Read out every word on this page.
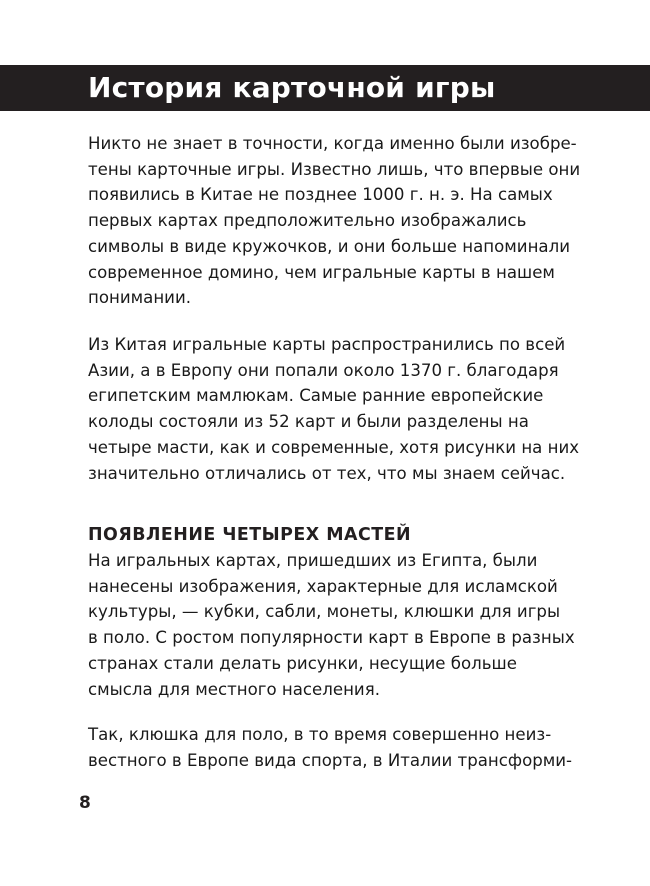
История карточной игры

Никто не знает в точности, когда именно были изобре-
тены карточные игры. Известно лишь, что впервые они
появились в Китае не позднее 1000 г. н. э. На самых
первых картах предположительно изображались
символы в виде кружочков, и они больше напоминали
современное домино, чем игральные карты в нашем
понимании.

Из Китая игральные карты распространились по всей
Азии, а в Европу они попали около 1370 г. благодаря
египетским мамлюкам. Самые ранние европейские
колоды состояли из 52 карт и были разделены на
четыре масти, как и современные, хотя рисунки на них
значительно отличались от тех, что мы знаем сейчас.

ПОЯВЛЕНИЕ ЧЕТЫРЕХ МАСТЕЙ

На игральных картах, пришедших из Египта, были
нанесены изображения, характерные для исламской
культуры, — кубки, сабли, монеты, клюшки для игры
в поло. С ростом популярности карт в Европе в разных
странах стали делать рисунки, несущие больше
смысла для местного населения.

Так, клюшка для поло, в то время совершенно неиз-
вестного в Европе вида спорта, в Италии трансформи-

8
